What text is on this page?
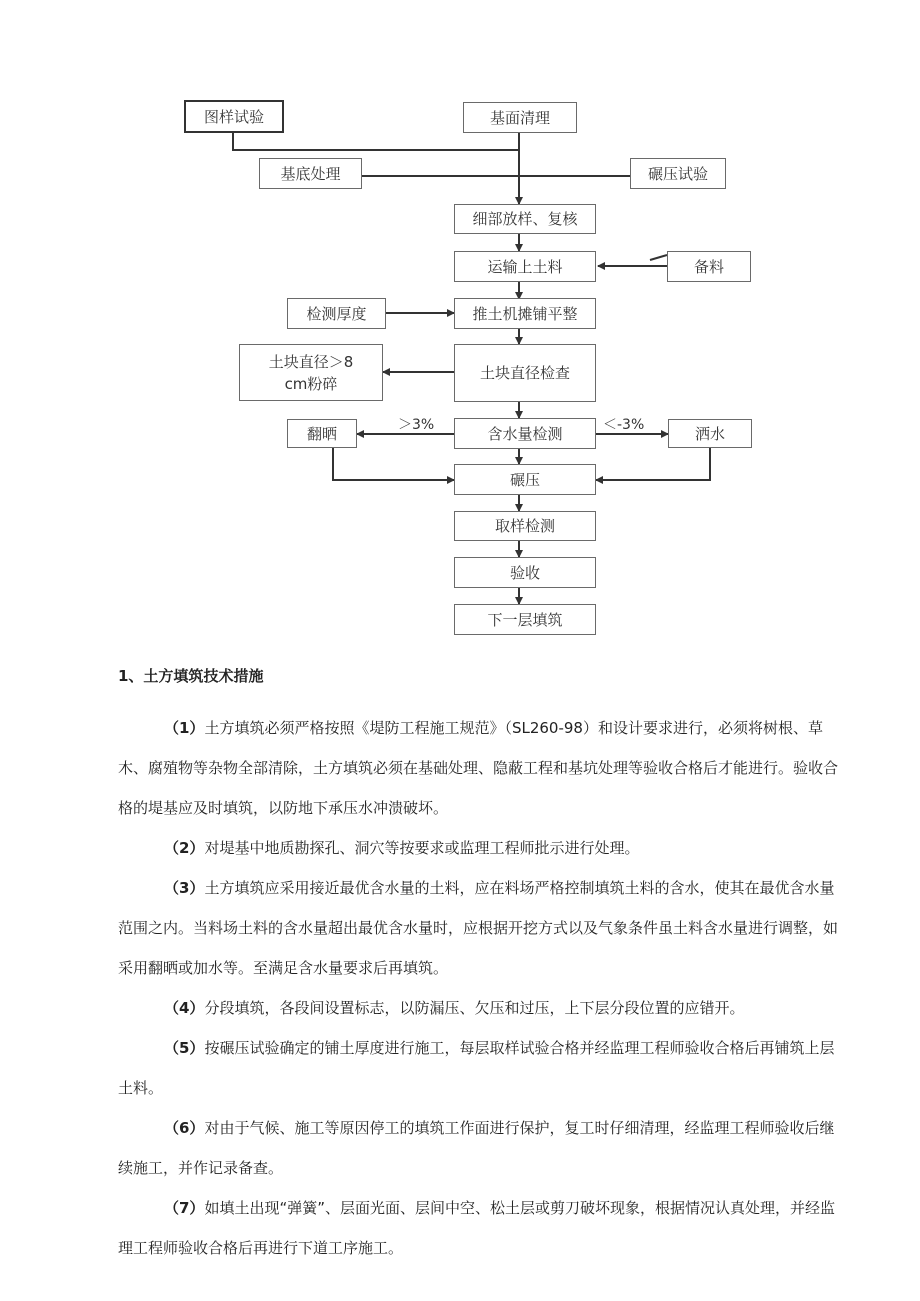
图样试验	基面清理
基底处理	碾压试验
细部放样、复核
运输上土料	备料
检测厚度	推土机摊铺平整
土块直径＞8 cm粉碎
土块直径检查
翻晒	含水量检测	洒水
碾压
取样检测
验收
下一层填筑
＞3%	＜-3%

1、土方填筑技术措施

（1）土方填筑必须严格按照《堤防工程施工规范》（SL260-98）和设计要求进行，必须将树根、草木、腐殖物等杂物全部清除，土方填筑必须在基础处理、隐蔽工程和基坑处理等验收合格后才能进行。验收合格的堤基应及时填筑，以防地下承压水冲溃破坏。

（2）对堤基中地质勘探孔、洞穴等按要求或监理工程师批示进行处理。

（3）土方填筑应采用接近最优含水量的土料，应在料场严格控制填筑土料的含水，使其在最优含水量范围之内。当料场土料的含水量超出最优含水量时，应根据开挖方式以及气象条件虽土料含水量进行调整，如采用翻晒或加水等。至满足含水量要求后再填筑。

（4）分段填筑，各段间设置标志，以防漏压、欠压和过压，上下层分段位置的应错开。

（5）按碾压试验确定的铺土厚度进行施工，每层取样试验合格并经监理工程师验收合格后再铺筑上层土料。

（6）对由于气候、施工等原因停工的填筑工作面进行保护，复工时仔细清理，经监理工程师验收后继续施工，并作记录备查。

（7）如填土出现“弹簧”、层面光面、层间中空、松土层或剪刀破坏现象，根据情况认真处理，并经监理工程师验收合格后再进行下道工序施工。
